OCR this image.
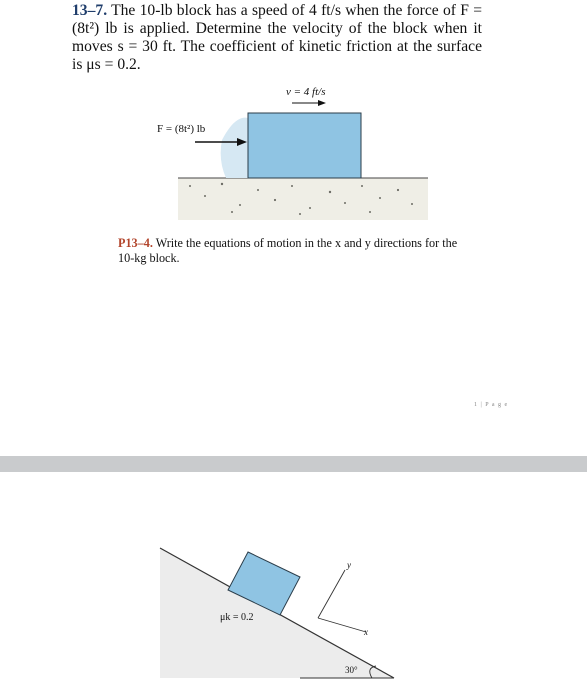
13–7. The 10-lb block has a speed of 4 ft/s when the force of F = (8t²) lb is applied. Determine the velocity of the block when it moves s = 30 ft. The coefficient of kinetic friction at the surface is μs = 0.2.
v = 4 ft/s
F = (8t²) lb
P13–4. Write the equations of motion in the x and y directions for the 10-kg block.
1 | P a g e
μk = 0.2
30°
y
x
